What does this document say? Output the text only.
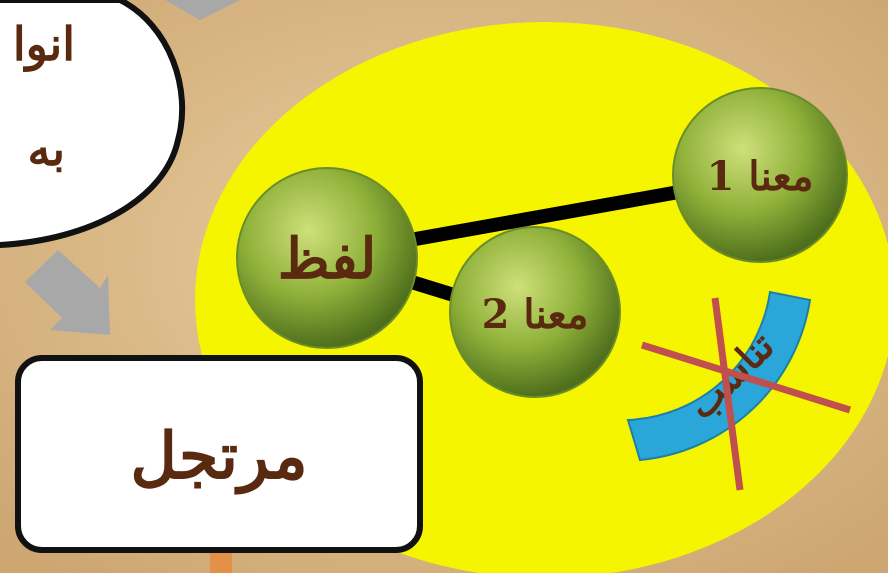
انوا
به
لفظ
معنا 1
معنا 2
مرتجل
